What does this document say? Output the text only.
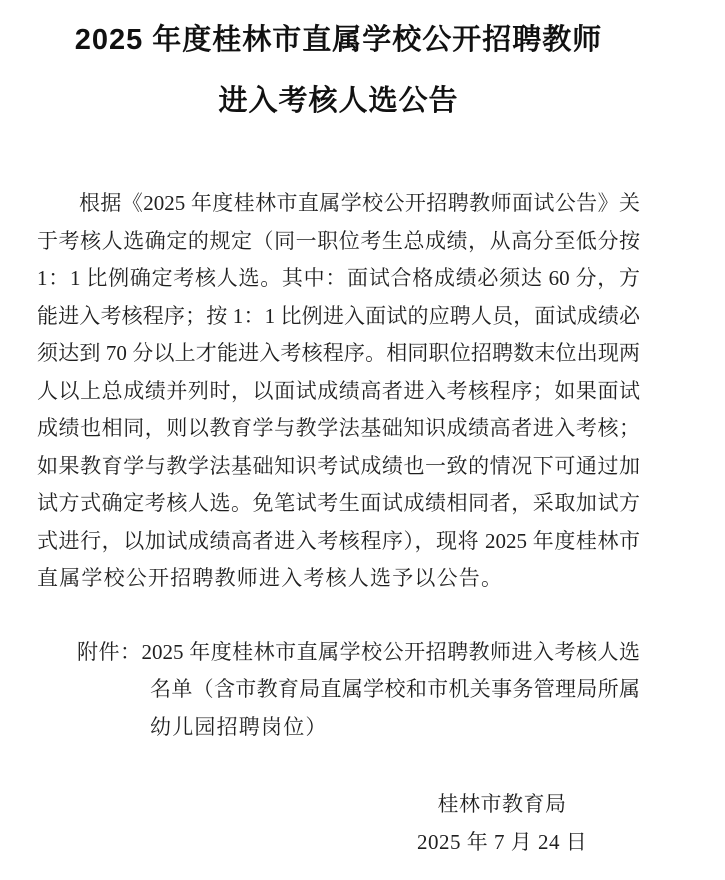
2025 年度桂林市直属学校公开招聘教师
进入考核人选公告
根据《2025 年度桂林市直属学校公开招聘教师面试公告》关
于考核人选确定的规定（同一职位考生总成绩，从高分至低分按
1：1 比例确定考核人选。其中：面试合格成绩必须达 60 分，方
能进入考核程序；按 1：1 比例进入面试的应聘人员，面试成绩必
须达到 70 分以上才能进入考核程序。相同职位招聘数末位出现两
人以上总成绩并列时，以面试成绩高者进入考核程序；如果面试
成绩也相同，则以教育学与教学法基础知识成绩高者进入考核；
如果教育学与教学法基础知识考试成绩也一致的情况下可通过加
试方式确定考核人选。免笔试考生面试成绩相同者，采取加试方
式进行，以加试成绩高者进入考核程序），现将 2025 年度桂林市
直属学校公开招聘教师进入考核人选予以公告。
附件：2025 年度桂林市直属学校公开招聘教师进入考核人选
名单（含市教育局直属学校和市机关事务管理局所属
幼儿园招聘岗位）
桂林市教育局
2025 年 7 月 24 日
